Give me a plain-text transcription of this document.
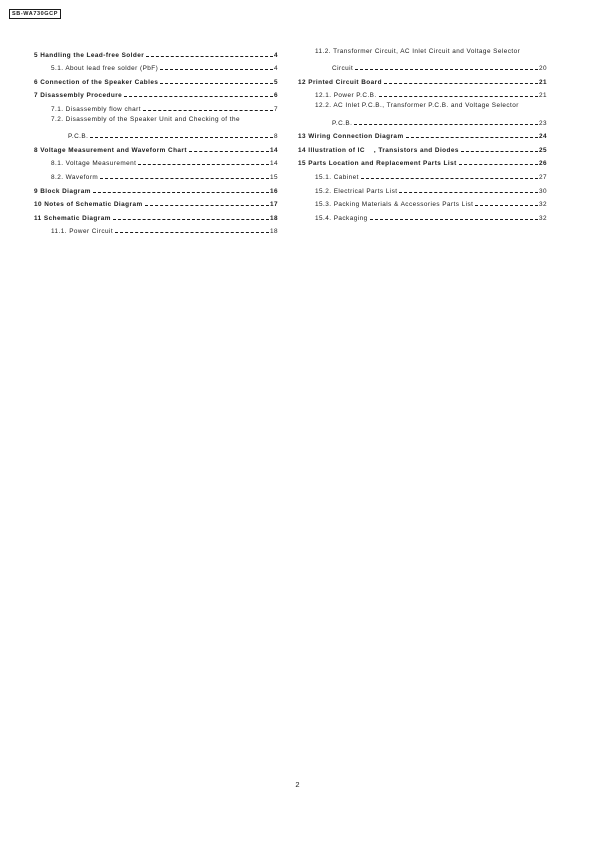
SB-WA730GCP
5 Handling the Lead-free Solder	4
5.1. About lead free solder (PbF)	4
6 Connection of the Speaker Cables	5
7 Disassembly Procedure	6
7.1. Disassembly flow chart	7
7.2. Disassembly of the Speaker Unit and Checking of the
P.C.B.	8
8 Voltage Measurement and Waveform Chart	14
8.1. Voltage Measurement	14
8.2. Waveform	15
9 Block Diagram	16
10 Notes of Schematic Diagram	17
11 Schematic Diagram	18
11.1. Power Circuit	18
11.2. Transformer Circuit, AC Inlet Circuit and Voltage Selector
Circuit	20
12 Printed Circuit Board	21
12.1. Power P.C.B.	21
12.2. AC Inlet P.C.B., Transformer P.C.B. and Voltage Selector
P.C.B.	23
13 Wiring Connection Diagram	24
14 Illustration of IC    , Transistors and Diodes	25
15 Parts Location and Replacement Parts List	26
15.1. Cabinet	27
15.2. Electrical Parts List	30
15.3. Packing Materials & Accessories Parts List	32
15.4. Packaging	32
2
